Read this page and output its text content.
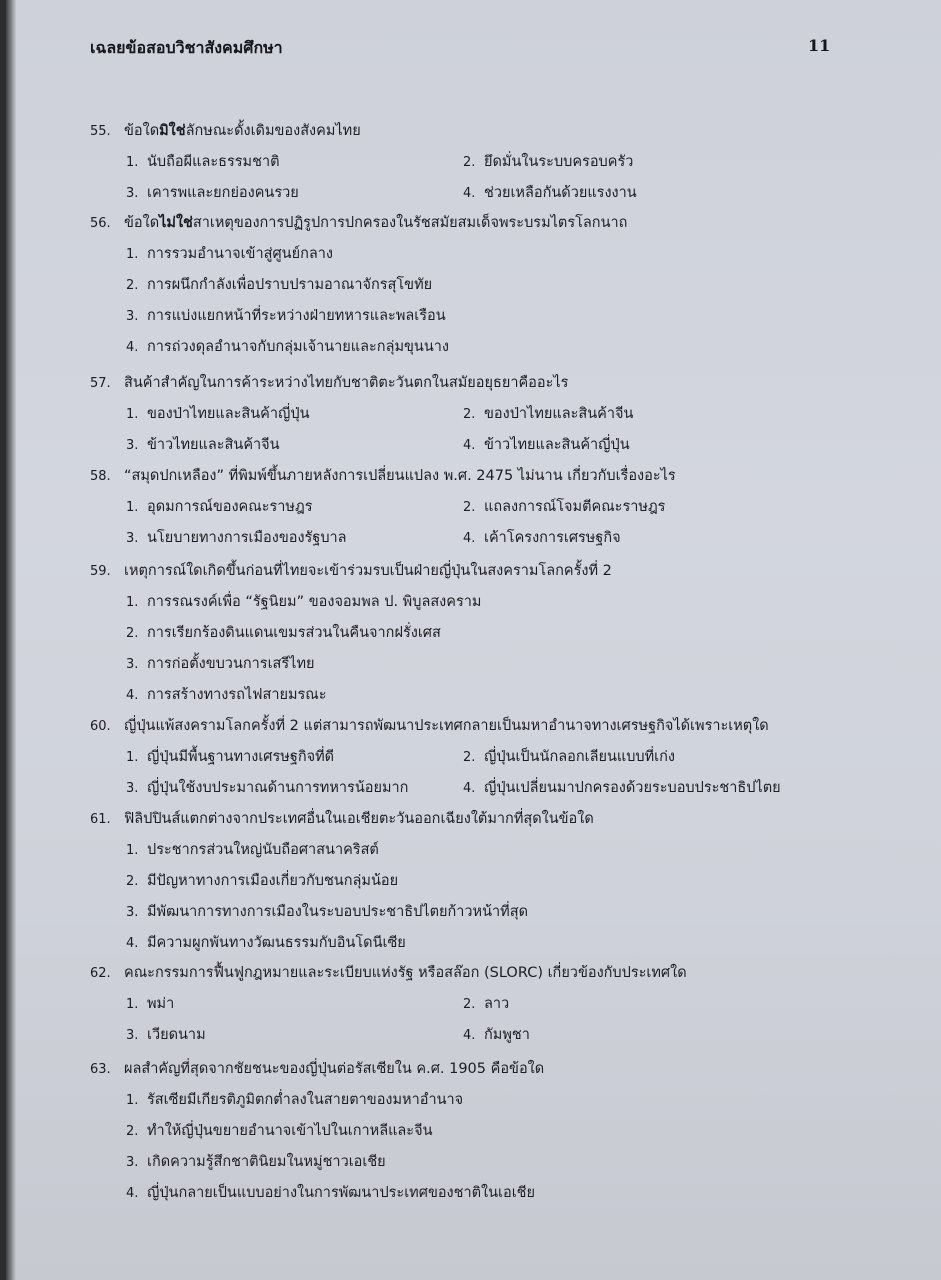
เฉลยข้อสอบวิชาสังคมศึกษา	11
55. ข้อใดมิใช่ลักษณะดั้งเดิมของสังคมไทย
1. นับถือผีและธรรมชาติ	2. ยึดมั่นในระบบครอบครัว
3. เคารพและยกย่องคนรวย	4. ช่วยเหลือกันด้วยแรงงาน
56. ข้อใดไม่ใช่สาเหตุของการปฏิรูปการปกครองในรัชสมัยสมเด็จพระบรมไตรโลกนาถ
1. การรวมอำนาจเข้าสู่ศูนย์กลาง
2. การผนึกกำลังเพื่อปราบปรามอาณาจักรสุโขทัย
3. การแบ่งแยกหน้าที่ระหว่างฝ่ายทหารและพลเรือน
4. การถ่วงดุลอำนาจกับกลุ่มเจ้านายและกลุ่มขุนนาง
57. สินค้าสำคัญในการค้าระหว่างไทยกับชาติตะวันตกในสมัยอยุธยาคืออะไร
1. ของป่าไทยและสินค้าญี่ปุ่น	2. ของป่าไทยและสินค้าจีน
3. ข้าวไทยและสินค้าจีน	4. ข้าวไทยและสินค้าญี่ปุ่น
58. “สมุดปกเหลือง” ที่พิมพ์ขึ้นภายหลังการเปลี่ยนแปลง พ.ศ. 2475 ไม่นาน เกี่ยวกับเรื่องอะไร
1. อุดมการณ์ของคณะราษฎร	2. แถลงการณ์โจมตีคณะราษฎร
3. นโยบายทางการเมืองของรัฐบาล	4. เค้าโครงการเศรษฐกิจ
59. เหตุการณ์ใดเกิดขึ้นก่อนที่ไทยจะเข้าร่วมรบเป็นฝ่ายญี่ปุ่นในสงครามโลกครั้งที่ 2
1. การรณรงค์เพื่อ “รัฐนิยม” ของจอมพล ป. พิบูลสงคราม
2. การเรียกร้องดินแดนเขมรส่วนในคืนจากฝรั่งเศส
3. การก่อตั้งขบวนการเสรีไทย
4. การสร้างทางรถไฟสายมรณะ
60. ญี่ปุ่นแพ้สงครามโลกครั้งที่ 2 แต่สามารถพัฒนาประเทศกลายเป็นมหาอำนาจทางเศรษฐกิจได้เพราะเหตุใด
1. ญี่ปุ่นมีพื้นฐานทางเศรษฐกิจที่ดี	2. ญี่ปุ่นเป็นนักลอกเลียนแบบที่เก่ง
3. ญี่ปุ่นใช้งบประมาณด้านการทหารน้อยมาก	4. ญี่ปุ่นเปลี่ยนมาปกครองด้วยระบอบประชาธิปไตย
61. ฟิลิปปินส์แตกต่างจากประเทศอื่นในเอเชียตะวันออกเฉียงใต้มากที่สุดในข้อใด
1. ประชากรส่วนใหญ่นับถือศาสนาคริสต์
2. มีปัญหาทางการเมืองเกี่ยวกับชนกลุ่มน้อย
3. มีพัฒนาการทางการเมืองในระบอบประชาธิปไตยก้าวหน้าที่สุด
4. มีความผูกพันทางวัฒนธรรมกับอินโดนีเซีย
62. คณะกรรมการฟื้นฟูกฎหมายและระเบียบแห่งรัฐ หรือสล๊อก (SLORC) เกี่ยวข้องกับประเทศใด
1. พม่า	2. ลาว
3. เวียดนาม	4. กัมพูชา
63. ผลสำคัญที่สุดจากชัยชนะของญี่ปุ่นต่อรัสเซียใน ค.ศ. 1905 คือข้อใด
1. รัสเซียมีเกียรติภูมิตกต่ำลงในสายตาของมหาอำนาจ
2. ทำให้ญี่ปุ่นขยายอำนาจเข้าไปในเกาหลีและจีน
3. เกิดความรู้สึกชาตินิยมในหมู่ชาวเอเชีย
4. ญี่ปุ่นกลายเป็นแบบอย่างในการพัฒนาประเทศของชาติในเอเชีย
